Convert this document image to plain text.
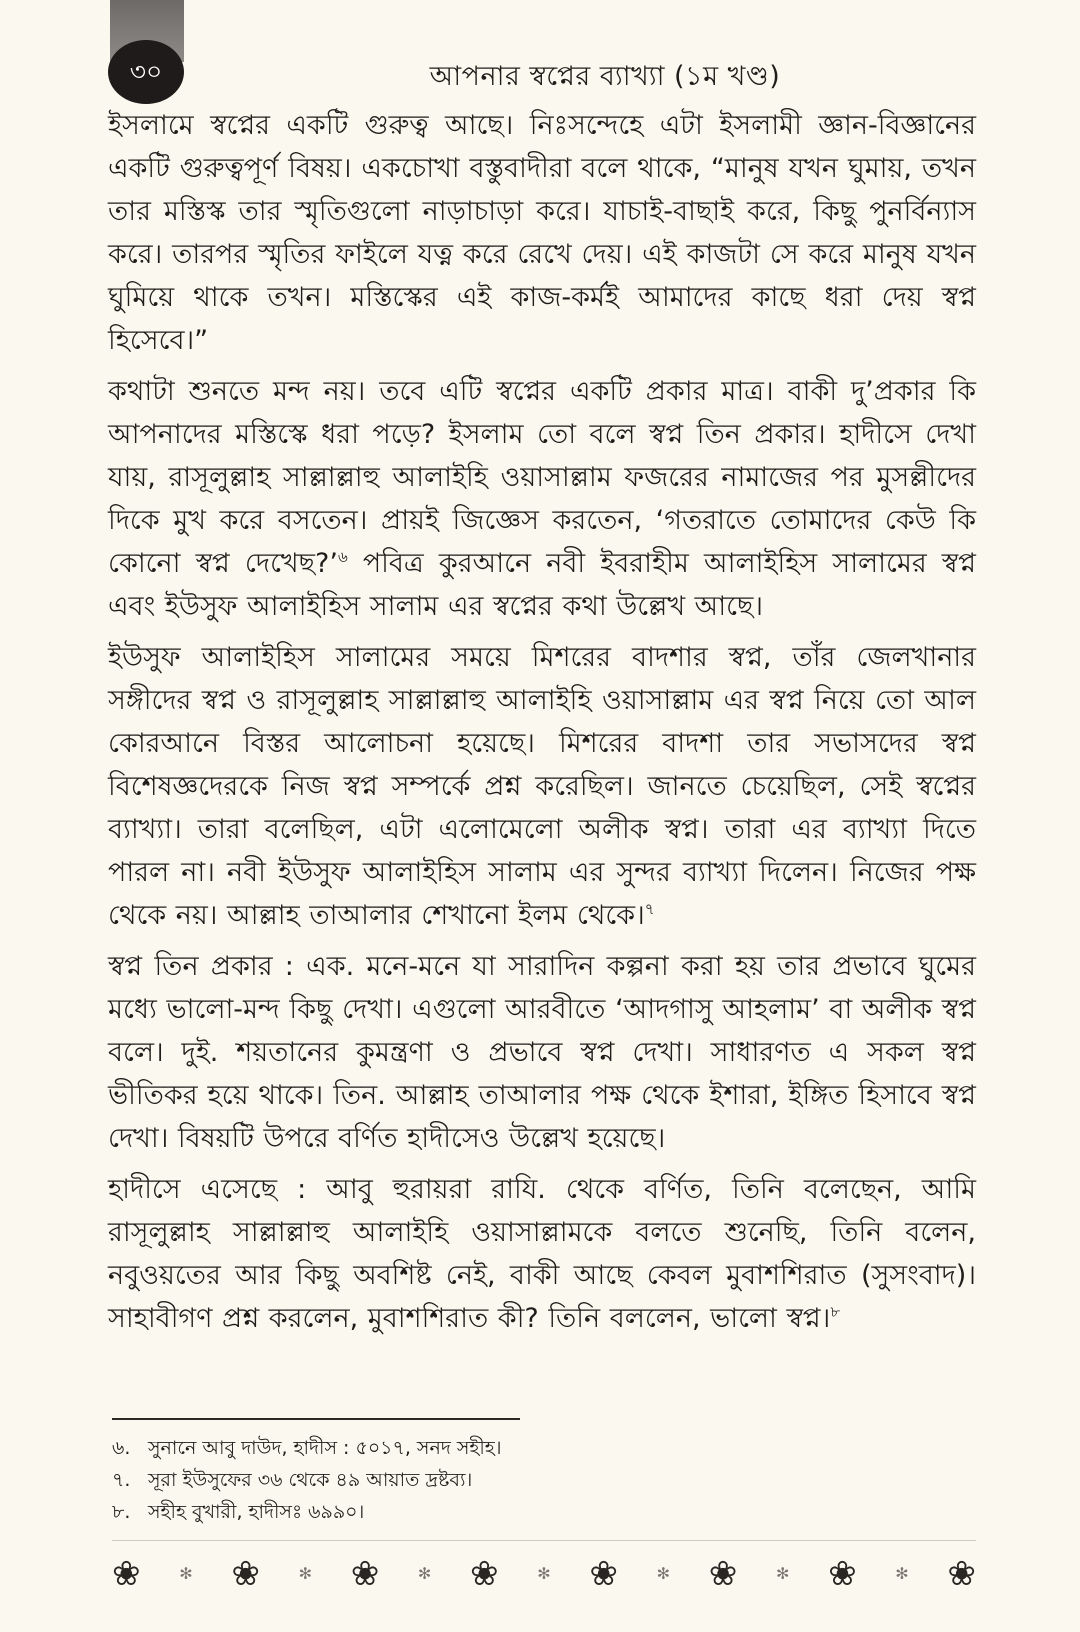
৩০	আপনার স্বপ্নের ব্যাখ্যা (১ম খণ্ড)

ইসলামে স্বপ্নের একটি গুরুত্ব আছে। নিঃসন্দেহে এটা ইসলামী জ্ঞান-বিজ্ঞানের একটি গুরুত্বপূর্ণ বিষয়। একচোখা বস্তুবাদীরা বলে থাকে, “মানুষ যখন ঘুমায়, তখন তার মস্তিস্ক তার স্মৃতিগুলো নাড়াচাড়া করে। যাচাই-বাছাই করে, কিছু পুনর্বিন্যাস করে। তারপর স্মৃতির ফাইলে যত্ন করে রেখে দেয়। এই কাজটা সে করে মানুষ যখন ঘুমিয়ে থাকে তখন। মস্তিস্কের এই কাজ-কর্মই আমাদের কাছে ধরা দেয় স্বপ্ন হিসেবে।”

কথাটা শুনতে মন্দ নয়। তবে এটি স্বপ্নের একটি প্রকার মাত্র। বাকী দু’প্রকার কি আপনাদের মস্তিস্কে ধরা পড়ে? ইসলাম তো বলে স্বপ্ন তিন প্রকার। হাদীসে দেখা যায়, রাসূলুল্লাহ সাল্লাল্লাহু আলাইহি ওয়াসাল্লাম ফজরের নামাজের পর মুসল্লীদের দিকে মুখ করে বসতেন। প্রায়ই জিজ্ঞেস করতেন, ‘গতরাতে তোমাদের কেউ কি কোনো স্বপ্ন দেখেছ?’$^৬$ পবিত্র কুরআনে নবী ইবরাহীম আলাইহিস সালামের স্বপ্ন এবং ইউসুফ আলাইহিস সালাম এর স্বপ্নের কথা উল্লেখ আছে।

ইউসুফ আলাইহিস সালামের সময়ে মিশরের বাদশার স্বপ্ন, তাঁর জেলখানার সঙ্গীদের স্বপ্ন ও রাসূলুল্লাহ সাল্লাল্লাহু আলাইহি ওয়াসাল্লাম এর স্বপ্ন নিয়ে তো আল কোরআনে বিস্তর আলোচনা হয়েছে। মিশরের বাদশা তার সভাসদের স্বপ্ন বিশেষজ্ঞদেরকে নিজ স্বপ্ন সম্পর্কে প্রশ্ন করেছিল। জানতে চেয়েছিল, সেই স্বপ্নের ব্যাখ্যা। তারা বলেছিল, এটা এলোমেলো অলীক স্বপ্ন। তারা এর ব্যাখ্যা দিতে পারল না। নবী ইউসুফ আলাইহিস সালাম এর সুন্দর ব্যাখ্যা দিলেন। নিজের পক্ষ থেকে নয়। আল্লাহ তাআলার শেখানো ইলম থেকে।$^৭$

স্বপ্ন তিন প্রকার : এক. মনে-মনে যা সারাদিন কল্পনা করা হয় তার প্রভাবে ঘুমের মধ্যে ভালো-মন্দ কিছু দেখা। এগুলো আরবীতে ‘আদগাসু আহলাম’ বা অলীক স্বপ্ন বলে। দুই. শয়তানের কুমন্ত্রণা ও প্রভাবে স্বপ্ন দেখা। সাধারণত এ সকল স্বপ্ন ভীতিকর হয়ে থাকে। তিন. আল্লাহ তাআলার পক্ষ থেকে ইশারা, ইঙ্গিত হিসাবে স্বপ্ন দেখা। বিষয়টি উপরে বর্ণিত হাদীসেও উল্লেখ হয়েছে।

হাদীসে এসেছে : আবু হুরায়রা রাযি. থেকে বর্ণিত, তিনি বলেছেন, আমি রাসূলুল্লাহ সাল্লাল্লাহু আলাইহি ওয়াসাল্লামকে বলতে শুনেছি, তিনি বলেন, নবুওয়তের আর কিছু অবশিষ্ট নেই, বাকী আছে কেবল মুবাশশিরাত (সুসংবাদ)। সাহাবীগণ প্রশ্ন করলেন, মুবাশশিরাত কী? তিনি বললেন, ভালো স্বপ্ন।$^৮$

৬. সুনানে আবু দাউদ, হাদীস : ৫০১৭, সনদ সহীহ।
৭. সূরা ইউসুফের ৩৬ থেকে ৪৯ আয়াত দ্রষ্টব্য।
৮. সহীহ বুখারী, হাদীসঃ ৬৯৯০।
❀ ✻ ❀ ✻ ❀ ✻ ❀ ✻ ❀ ✻ ❀ ✻ ❀ ✻ ❀
